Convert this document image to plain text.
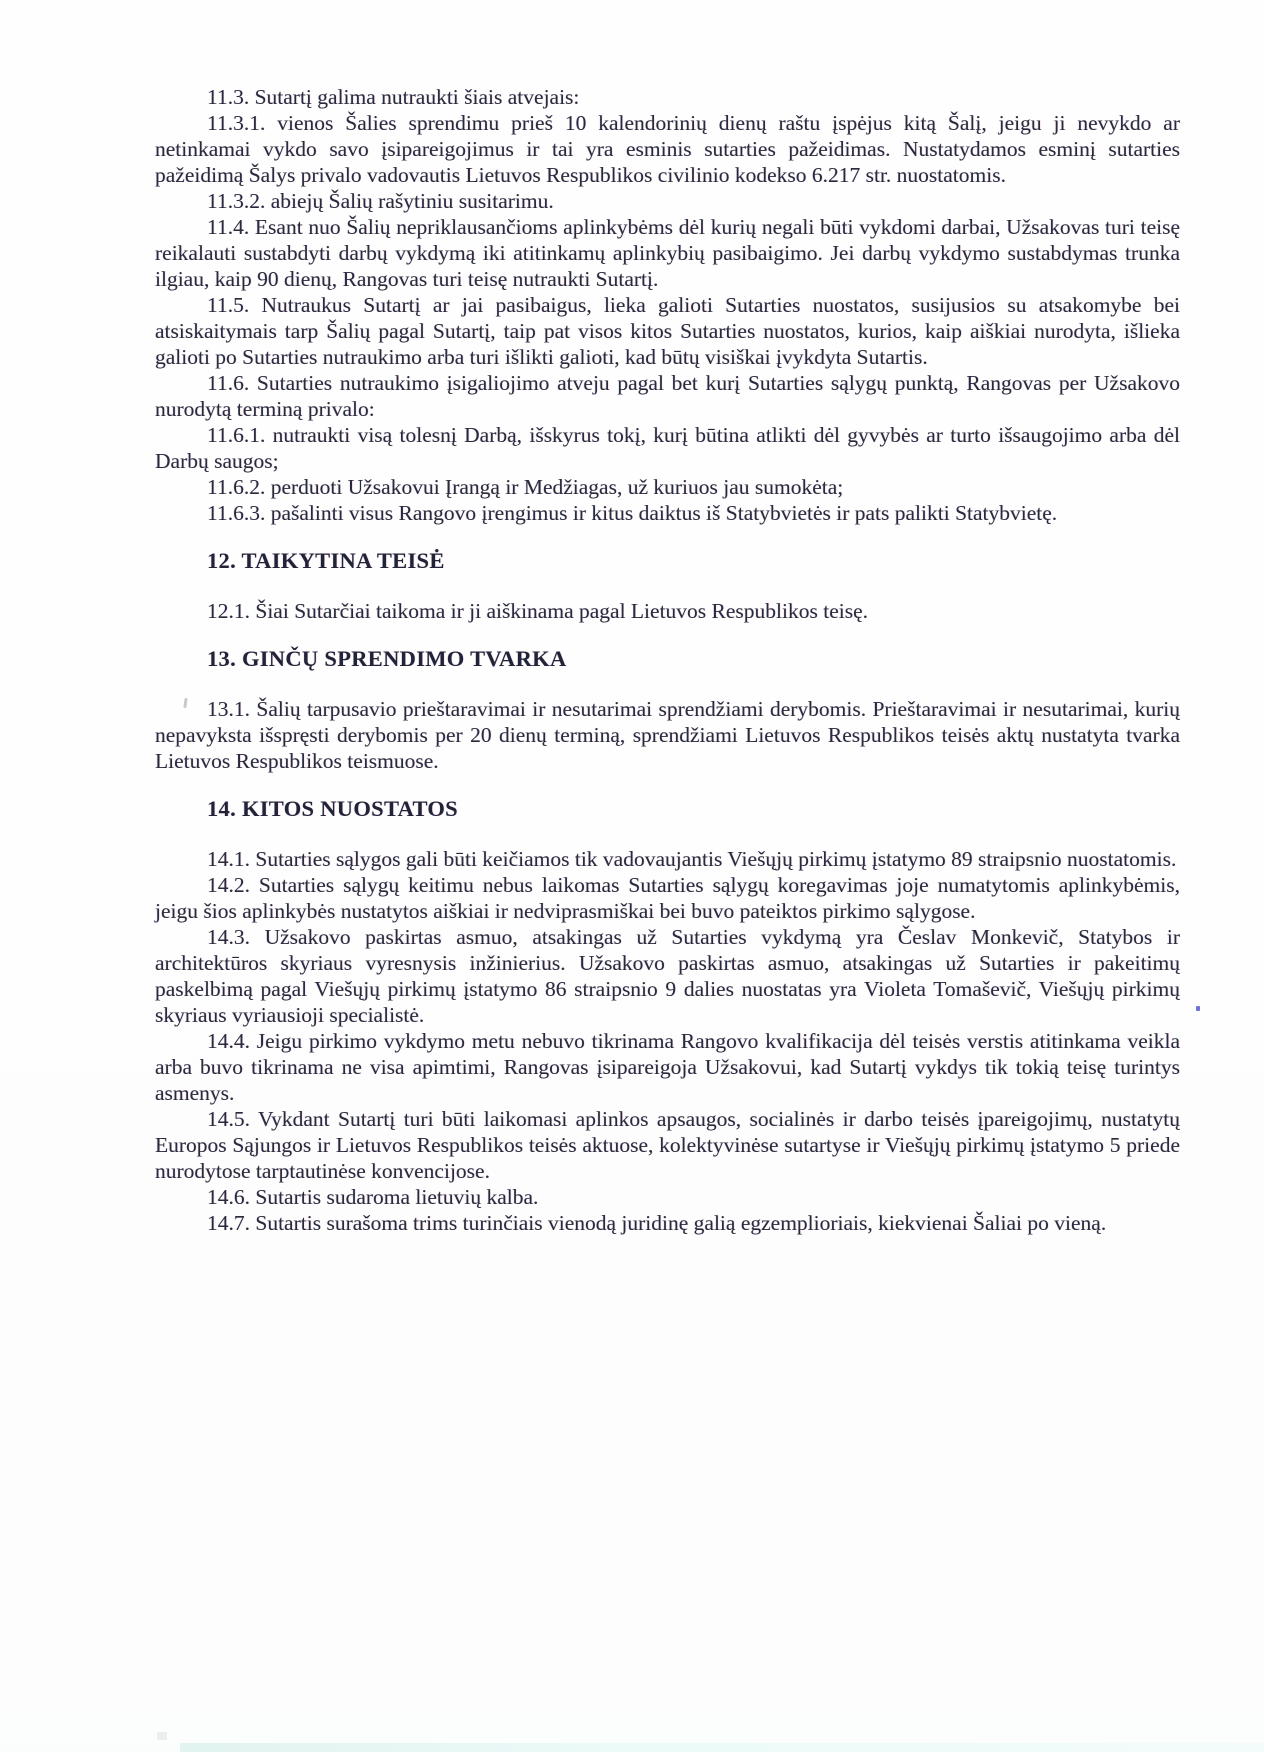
11.3. Sutartį galima nutraukti šiais atvejais:

11.3.1. vienos Šalies sprendimu prieš 10 kalendorinių dienų raštu įspėjus kitą Šalį, jeigu ji nevykdo ar netinkamai vykdo savo įsipareigojimus ir tai yra esminis sutarties pažeidimas. Nustatydamos esminį sutarties pažeidimą Šalys privalo vadovautis Lietuvos Respublikos civilinio kodekso 6.217 str. nuostatomis.

11.3.2. abiejų Šalių rašytiniu susitarimu.

11.4. Esant nuo Šalių nepriklausančioms aplinkybėms dėl kurių negali būti vykdomi darbai, Užsakovas turi teisę reikalauti sustabdyti darbų vykdymą iki atitinkamų aplinkybių pasibaigimo. Jei darbų vykdymo sustabdymas trunka ilgiau, kaip 90 dienų, Rangovas turi teisę nutraukti Sutartį.

11.5. Nutraukus Sutartį ar jai pasibaigus, lieka galioti Sutarties nuostatos, susijusios su atsakomybe bei atsiskaitymais tarp Šalių pagal Sutartį, taip pat visos kitos Sutarties nuostatos, kurios, kaip aiškiai nurodyta, išlieka galioti po Sutarties nutraukimo arba turi išlikti galioti, kad būtų visiškai įvykdyta Sutartis.

11.6. Sutarties nutraukimo įsigaliojimo atveju pagal bet kurį Sutarties sąlygų punktą, Rangovas per Užsakovo nurodytą terminą privalo:

11.6.1. nutraukti visą tolesnį Darbą, išskyrus tokį, kurį būtina atlikti dėl gyvybės ar turto išsaugojimo arba dėl Darbų saugos;

11.6.2. perduoti Užsakovui Įrangą ir Medžiagas, už kuriuos jau sumokėta;

11.6.3. pašalinti visus Rangovo įrengimus ir kitus daiktus iš Statybvietės ir pats palikti Statybvietę.

12. TAIKYTINA TEISĖ

12.1. Šiai Sutarčiai taikoma ir ji aiškinama pagal Lietuvos Respublikos teisę.

13. GINČŲ SPRENDIMO TVARKA

13.1. Šalių tarpusavio prieštaravimai ir nesutarimai sprendžiami derybomis. Prieštaravimai ir nesutarimai, kurių nepavyksta išspręsti derybomis per 20 dienų terminą, sprendžiami Lietuvos Respublikos teisės aktų nustatyta tvarka Lietuvos Respublikos teismuose.

14. KITOS NUOSTATOS

14.1. Sutarties sąlygos gali būti keičiamos tik vadovaujantis Viešųjų pirkimų įstatymo 89 straipsnio nuostatomis.

14.2. Sutarties sąlygų keitimu nebus laikomas Sutarties sąlygų koregavimas joje numatytomis aplinkybėmis, jeigu šios aplinkybės nustatytos aiškiai ir nedviprasmiškai bei buvo pateiktos pirkimo sąlygose.

14.3. Užsakovo paskirtas asmuo, atsakingas už Sutarties vykdymą yra Česlav Monkevič, Statybos ir architektūros skyriaus vyresnysis inžinierius. Užsakovo paskirtas asmuo, atsakingas už Sutarties ir pakeitimų paskelbimą pagal Viešųjų pirkimų įstatymo 86 straipsnio 9 dalies nuostatas yra Violeta Tomaševič, Viešųjų pirkimų skyriaus vyriausioji specialistė.

14.4. Jeigu pirkimo vykdymo metu nebuvo tikrinama Rangovo kvalifikacija dėl teisės verstis atitinkama veikla arba buvo tikrinama ne visa apimtimi, Rangovas įsipareigoja Užsakovui, kad Sutartį vykdys tik tokią teisę turintys asmenys.

14.5. Vykdant Sutartį turi būti laikomasi aplinkos apsaugos, socialinės ir darbo teisės įpareigojimų, nustatytų Europos Sąjungos ir Lietuvos Respublikos teisės aktuose, kolektyvinėse sutartyse ir Viešųjų pirkimų įstatymo 5 priede nurodytose tarptautinėse konvencijose.

14.6. Sutartis sudaroma lietuvių kalba.

14.7. Sutartis surašoma trims turinčiais vienodą juridinę galią egzemplioriais, kiekvienai Šaliai po vieną.
